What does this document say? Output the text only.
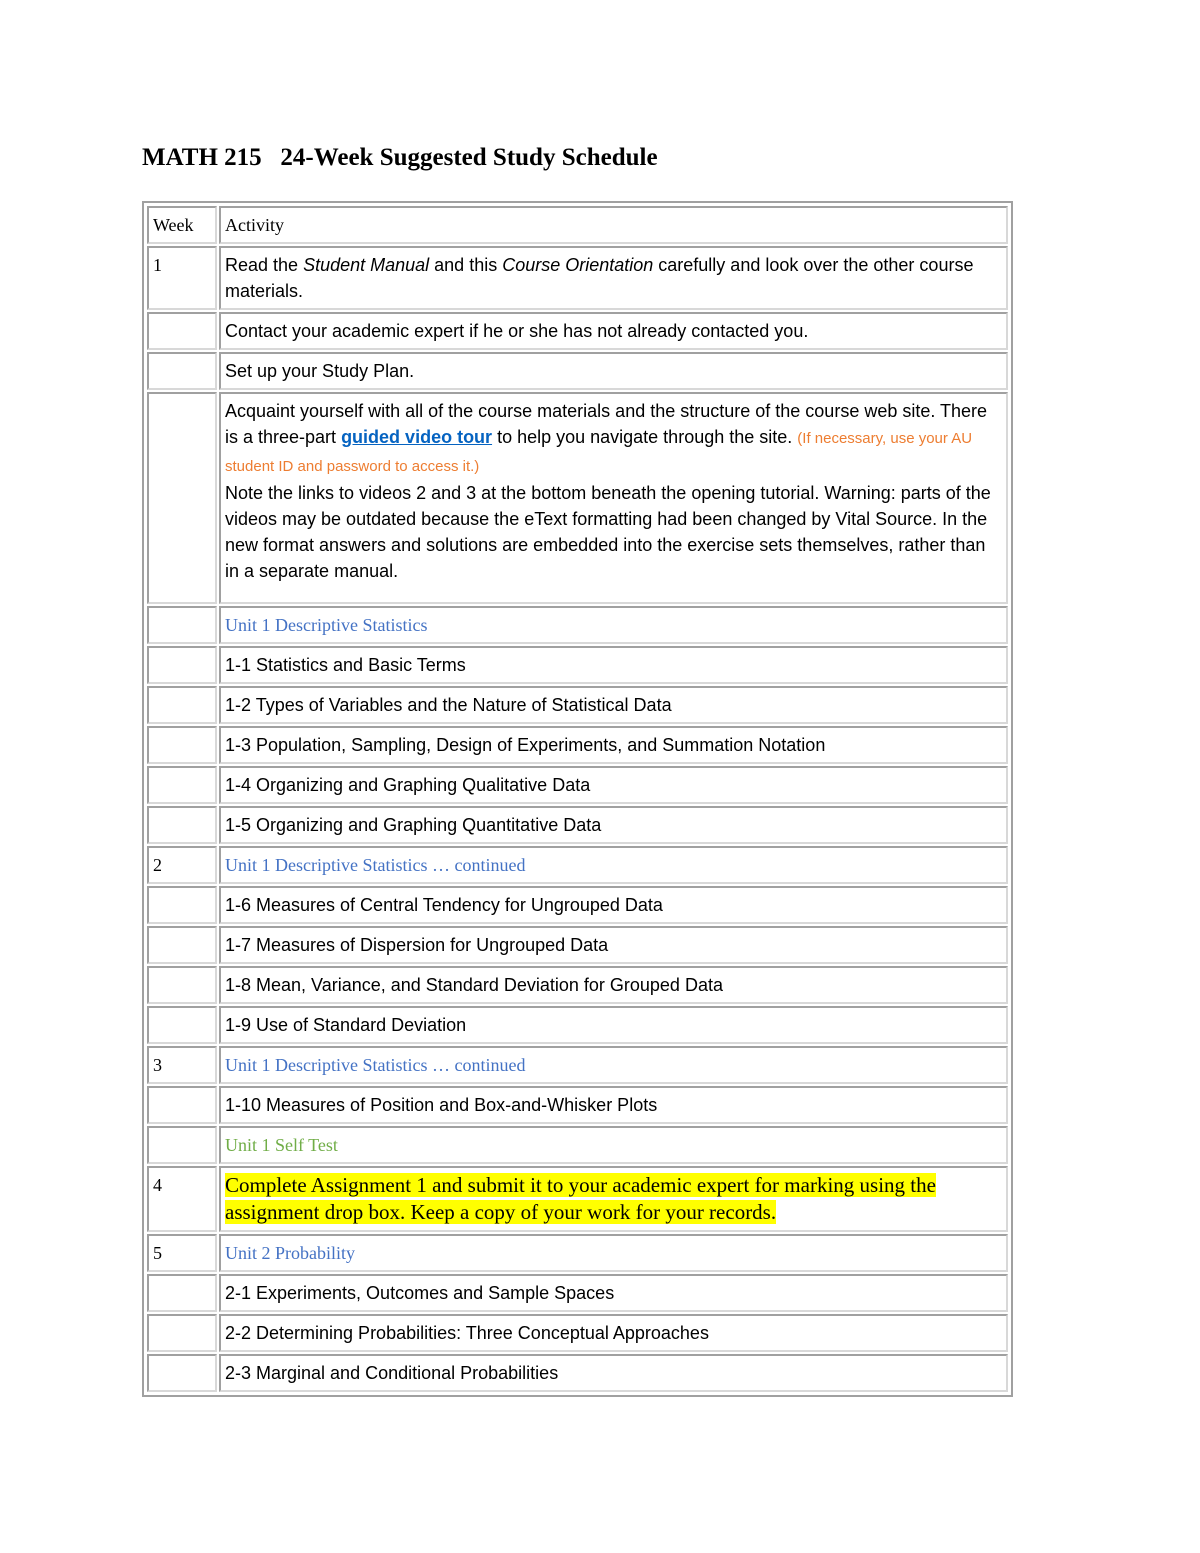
MATH 215   24-Week Suggested Study Schedule
Week	Activity
1	Read the Student Manual and this Course Orientation carefully and look over the other course materials.
	Contact your academic expert if he or she has not already contacted you.
	Set up your Study Plan.
	Acquaint yourself with all of the course materials and the structure of the course web site. There is a three-part guided video tour to help you navigate through the site. (If necessary, use your AU student ID and password to access it.)
Note the links to videos 2 and 3 at the bottom beneath the opening tutorial. Warning: parts of the videos may be outdated because the eText formatting had been changed by Vital Source. In the new format answers and solutions are embedded into the exercise sets themselves, rather than in a separate manual.
	Unit 1 Descriptive Statistics
	1-1 Statistics and Basic Terms
	1-2 Types of Variables and the Nature of Statistical Data
	1-3 Population, Sampling, Design of Experiments, and Summation Notation
	1-4 Organizing and Graphing Qualitative Data
	1-5 Organizing and Graphing Quantitative Data
2	Unit 1 Descriptive Statistics … continued
	1-6 Measures of Central Tendency for Ungrouped Data
	1-7 Measures of Dispersion for Ungrouped Data
	1-8 Mean, Variance, and Standard Deviation for Grouped Data
	1-9 Use of Standard Deviation
3	Unit 1 Descriptive Statistics … continued
	1-10 Measures of Position and Box-and-Whisker Plots
	Unit 1 Self Test
4	Complete Assignment 1 and submit it to your academic expert for marking using the assignment drop box. Keep a copy of your work for your records.
5	Unit 2 Probability
	2-1 Experiments, Outcomes and Sample Spaces
	2-2 Determining Probabilities: Three Conceptual Approaches
	2-3 Marginal and Conditional Probabilities
